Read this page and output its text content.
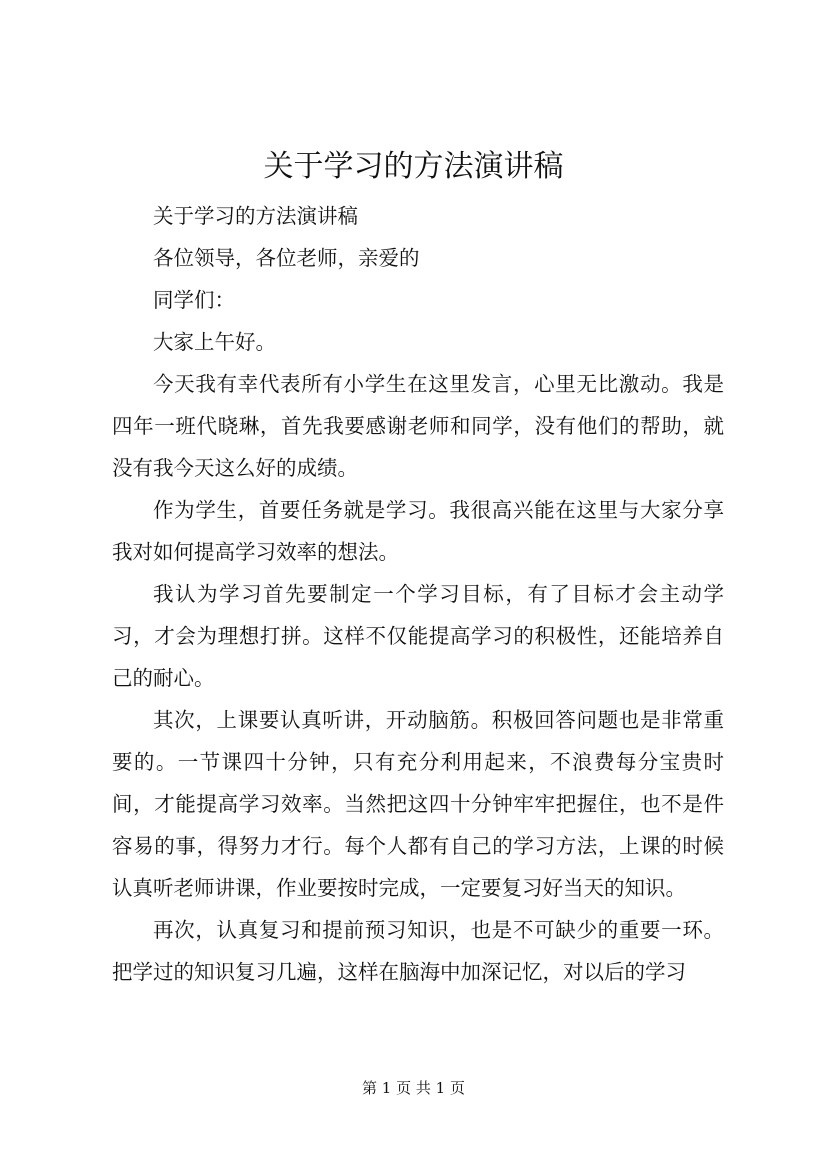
关于学习的方法演讲稿

关于学习的方法演讲稿

各位领导，各位老师，亲爱的

同学们：

大家上午好。

今天我有幸代表所有小学生在这里发言，心里无比激动。我是四年一班代晓琳，首先我要感谢老师和同学，没有他们的帮助，就没有我今天这么好的成绩。

作为学生，首要任务就是学习。我很高兴能在这里与大家分享我对如何提高学习效率的想法。

我认为学习首先要制定一个学习目标，有了目标才会主动学习，才会为理想打拼。这样不仅能提高学习的积极性，还能培养自己的耐心。

其次，上课要认真听讲，开动脑筋。积极回答问题也是非常重要的。一节课四十分钟，只有充分利用起来，不浪费每分宝贵时间，才能提高学习效率。当然把这四十分钟牢牢把握住，也不是件容易的事，得努力才行。每个人都有自己的学习方法，上课的时候认真听老师讲课，作业要按时完成，一定要复习好当天的知识。

再次，认真复习和提前预习知识，也是不可缺少的重要一环。把学过的知识复习几遍，这样在脑海中加深记忆，对以后的学习

第 1 页 共 1 页
